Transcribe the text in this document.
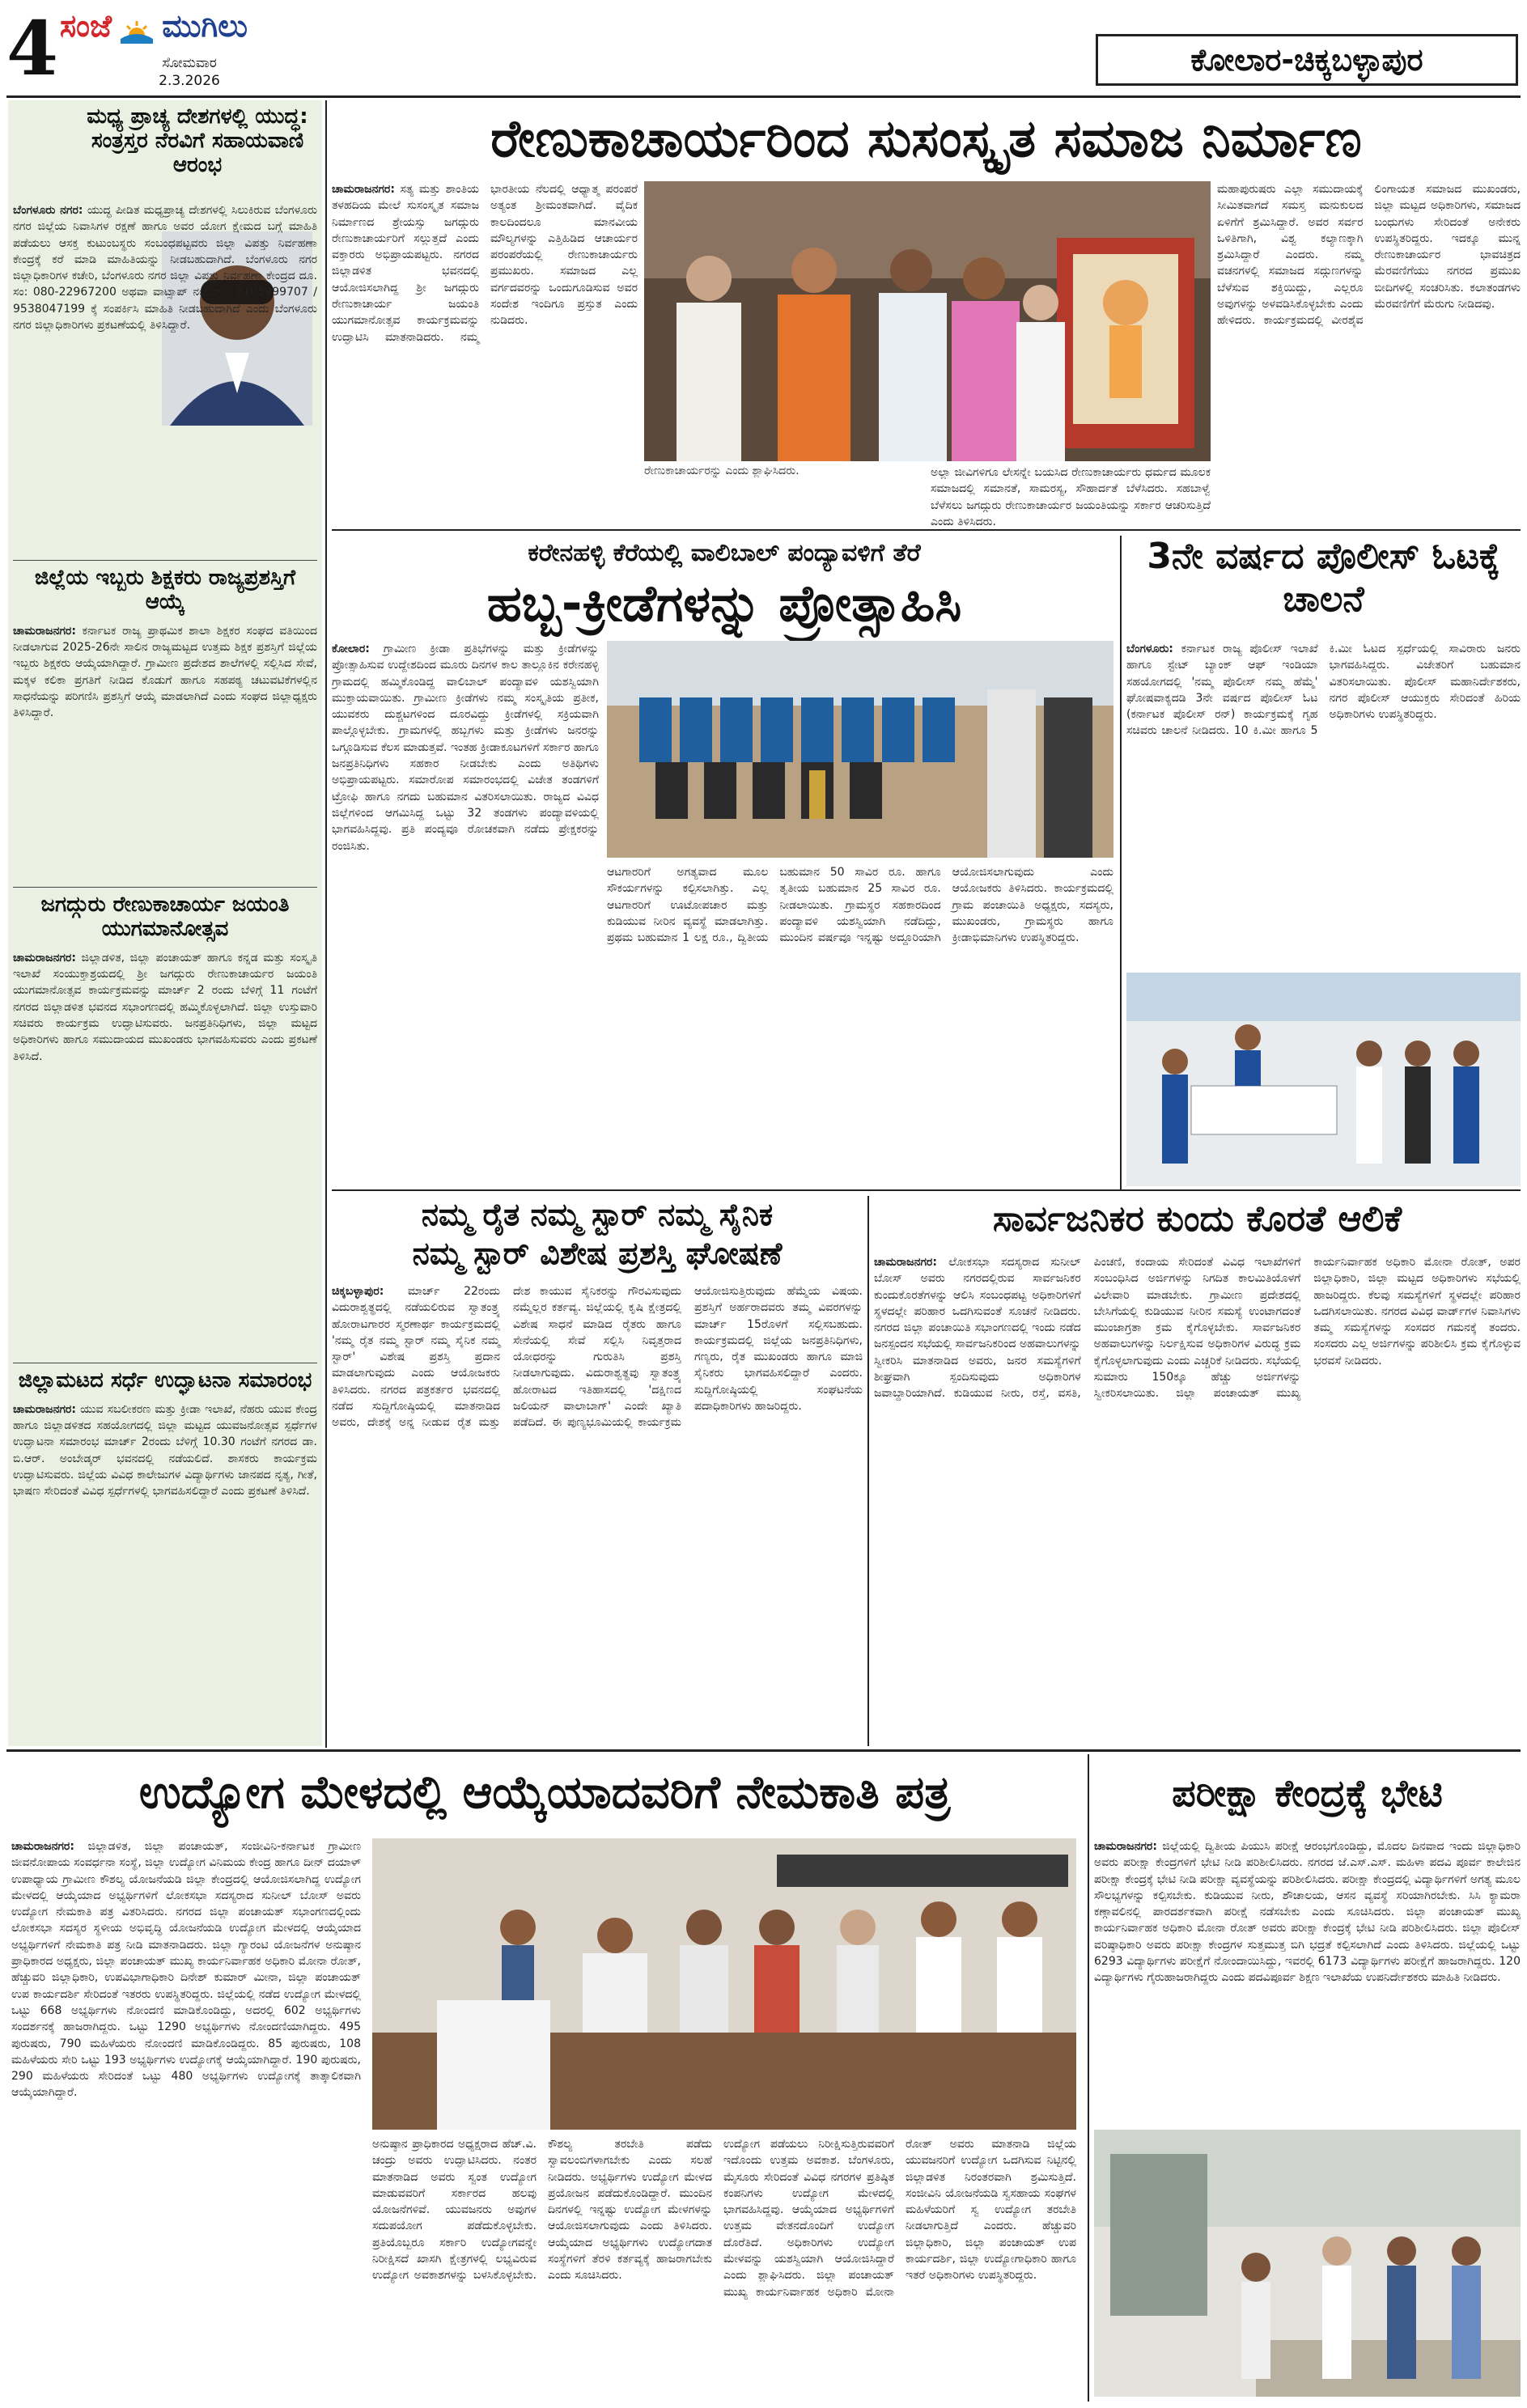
4 ಸಂಜೆ ಮುಗಿಲು
ಸೋಮವಾರ
2.3.2026
ಕೋಲಾರ-ಚಿಕ್ಕಬಳ್ಳಾಪುರ
ಮಧ್ಯ ಪ್ರಾಚ್ಯ ದೇಶಗಳಲ್ಲಿ ಯುದ್ಧ: ಸಂತ್ರಸ್ತರ ನೆರವಿಗೆ ಸಹಾಯವಾಣಿ ಆರಂಭ

ಬೆಂಗಳೂರು ನಗರ: ಯುದ್ಧ ಪೀಡಿತ ಮಧ್ಯಪ್ರಾಚ್ಯ ದೇಶಗಳಲ್ಲಿ ಸಿಲುಕಿರುವ ಬೆಂಗಳೂರು ನಗರ ಜಿಲ್ಲೆಯ ನಿವಾಸಿಗಳ ರಕ್ಷಣೆ ಹಾಗೂ ಅವರ ಯೋಗ ಕ್ಷೇಮದ ಬಗ್ಗೆ ಮಾಹಿತಿ ಪಡೆಯಲು ಆಸಕ್ತ ಕುಟುಂಬಸ್ಥರು ಸಂಬಂಧಪಟ್ಟವರು ಜಿಲ್ಲಾ ವಿಪತ್ತು ನಿರ್ವಹಣಾ ಕೇಂದ್ರಕ್ಕೆ ಕರೆ ಮಾಡಿ ಮಾಹಿತಿಯನ್ನು ನೀಡಬಹುದಾಗಿದೆ. ಬೆಂಗಳೂರು ನಗರ ಜಿಲ್ಲಾಧಿಕಾರಿಗಳ ಕಚೇರಿ, ಬೆಂಗಳೂರು ನಗರ ಜಿಲ್ಲಾ ವಿಪತ್ತು ನಿರ್ವಹಣಾ ಕೇಂದ್ರದ ದೂ. ಸಂ: 080-22967200 ಅಥವಾ ವಾಟ್ಸಾಪ್ ನಂಬರ್ - 8105999707 / 9538047199 ಕ್ಕೆ ಸಂಪರ್ಕಿಸಿ ಮಾಹಿತಿ ನೀಡಬಹುದಾಗಿದೆ ಎಂದು ಬೆಂಗಳೂರು ನಗರ ಜಿಲ್ಲಾಧಿಕಾರಿಗಳು ಪ್ರಕಟಣೆಯಲ್ಲಿ ತಿಳಿಸಿದ್ದಾರೆ.

ಜಿಲ್ಲೆಯ ಇಬ್ಬರು ಶಿಕ್ಷಕರು ರಾಜ್ಯಪ್ರಶಸ್ತಿಗೆ ಆಯ್ಕೆ

ಚಾಮರಾಜನಗರ: ಕರ್ನಾಟಕ ರಾಜ್ಯ ಪ್ರಾಥಮಿಕ ಶಾಲಾ ಶಿಕ್ಷಕರ ಸಂಘದ ವತಿಯಿಂದ ನೀಡಲಾಗುವ 2025-26ನೇ ಸಾಲಿನ ರಾಜ್ಯಮಟ್ಟದ ಉತ್ತಮ ಶಿಕ್ಷಕ ಪ್ರಶಸ್ತಿಗೆ ಜಿಲ್ಲೆಯ ಇಬ್ಬರು ಶಿಕ್ಷಕರು ಆಯ್ಕೆಯಾಗಿದ್ದಾರೆ. ಗ್ರಾಮೀಣ ಪ್ರದೇಶದ ಶಾಲೆಗಳಲ್ಲಿ ಸಲ್ಲಿಸಿದ ಸೇವೆ, ಮಕ್ಕಳ ಕಲಿಕಾ ಪ್ರಗತಿಗೆ ನೀಡಿದ ಕೊಡುಗೆ ಹಾಗೂ ಸಹಪಠ್ಯ ಚಟುವಟಿಕೆಗಳಲ್ಲಿನ ಸಾಧನೆಯನ್ನು ಪರಿಗಣಿಸಿ ಪ್ರಶಸ್ತಿಗೆ ಆಯ್ಕೆ ಮಾಡಲಾಗಿದೆ ಎಂದು ಸಂಘದ ಜಿಲ್ಲಾಧ್ಯಕ್ಷರು ತಿಳಿಸಿದ್ದಾರೆ.

ಜಗದ್ಗುರು ರೇಣುಕಾಚಾರ್ಯ ಜಯಂತಿ ಯುಗಮಾನೋತ್ಸವ

ಚಾಮರಾಜನಗರ: ಜಿಲ್ಲಾಡಳಿತ, ಜಿಲ್ಲಾ ಪಂಚಾಯತ್ ಹಾಗೂ ಕನ್ನಡ ಮತ್ತು ಸಂಸ್ಕೃತಿ ಇಲಾಖೆ ಸಂಯುಕ್ತಾಶ್ರಯದಲ್ಲಿ ಶ್ರೀ ಜಗದ್ಗುರು ರೇಣುಕಾಚಾರ್ಯರ ಜಯಂತಿ ಯುಗಮಾನೋತ್ಸವ ಕಾರ್ಯಕ್ರಮವನ್ನು ಮಾರ್ಚ್ 2 ರಂದು ಬೆಳಿಗ್ಗೆ 11 ಗಂಟೆಗೆ ನಗರದ ಜಿಲ್ಲಾಡಳಿತ ಭವನದ ಸಭಾಂಗಣದಲ್ಲಿ ಹಮ್ಮಿಕೊಳ್ಳಲಾಗಿದೆ. ಜಿಲ್ಲಾ ಉಸ್ತುವಾರಿ ಸಚಿವರು ಕಾರ್ಯಕ್ರಮ ಉದ್ಘಾಟಿಸುವರು. ಜನಪ್ರತಿನಿಧಿಗಳು, ಜಿಲ್ಲಾ ಮಟ್ಟದ ಅಧಿಕಾರಿಗಳು ಹಾಗೂ ಸಮುದಾಯದ ಮುಖಂಡರು ಭಾಗವಹಿಸುವರು ಎಂದು ಪ್ರಕಟಣೆ ತಿಳಿಸಿದೆ.

ಜಿಲ್ಲಾಮಟದ ಸರ್ಧೆ ಉದ್ಘಾಟನಾ ಸಮಾರಂಭ

ಚಾಮರಾಜನಗರ: ಯುವ ಸಬಲೀಕರಣ ಮತ್ತು ಕ್ರೀಡಾ ಇಲಾಖೆ, ನೆಹರು ಯುವ ಕೇಂದ್ರ ಹಾಗೂ ಜಿಲ್ಲಾಡಳಿತದ ಸಹಯೋಗದಲ್ಲಿ ಜಿಲ್ಲಾ ಮಟ್ಟದ ಯುವಜನೋತ್ಸವ ಸ್ಪರ್ಧೆಗಳ ಉದ್ಘಾಟನಾ ಸಮಾರಂಭ ಮಾರ್ಚ್ 2ರಂದು ಬೆಳಿಗ್ಗೆ 10.30 ಗಂಟೆಗೆ ನಗರದ ಡಾ. ಬಿ.ಆರ್. ಅಂಬೇಡ್ಕರ್ ಭವನದಲ್ಲಿ ನಡೆಯಲಿದೆ. ಶಾಸಕರು ಕಾರ್ಯಕ್ರಮ ಉದ್ಘಾಟಿಸುವರು. ಜಿಲ್ಲೆಯ ವಿವಿಧ ಕಾಲೇಜುಗಳ ವಿದ್ಯಾರ್ಥಿಗಳು ಜಾನಪದ ನೃತ್ಯ, ಗೀತೆ, ಭಾಷಣ ಸೇರಿದಂತೆ ವಿವಿಧ ಸ್ಪರ್ಧೆಗಳಲ್ಲಿ ಭಾಗವಹಿಸಲಿದ್ದಾರೆ ಎಂದು ಪ್ರಕಟಣೆ ತಿಳಿಸಿದೆ.

ರೇಣುಕಾಚಾರ್ಯರಿಂದ ಸುಸಂಸ್ಕೃತ ಸಮಾಜ ನಿರ್ಮಾಣ

ಚಾಮರಾಜನಗರ: ಸತ್ಯ ಮತ್ತು ಶಾಂತಿಯ ತಳಹದಿಯ ಮೇಲೆ ಸುಸಂಸ್ಕೃತ ಸಮಾಜ ನಿರ್ಮಾಣದ ಶ್ರೇಯಸ್ಸು ಜಗದ್ಗುರು ರೇಣುಕಾಚಾರ್ಯರಿಗೆ ಸಲ್ಲುತ್ತದೆ ಎಂದು ವಕ್ತಾರರು ಅಭಿಪ್ರಾಯಪಟ್ಟರು. ನಗರದ ಜಿಲ್ಲಾಡಳಿತ ಭವನದಲ್ಲಿ ಆಯೋಜಿಸಲಾಗಿದ್ದ ಶ್ರೀ ಜಗದ್ಗುರು ರೇಣುಕಾಚಾರ್ಯ ಜಯಂತಿ ಯುಗಮಾನೋತ್ಸವ ಕಾರ್ಯಕ್ರಮವನ್ನು ಉದ್ಘಾಟಿಸಿ ಮಾತನಾಡಿದರು. ನಮ್ಮ ಭಾರತೀಯ ನೆಲದಲ್ಲಿ ಆಧ್ಯಾತ್ಮ ಪರಂಪರೆ ಅತ್ಯಂತ ಶ್ರೀಮಂತವಾಗಿದೆ. ವೈದಿಕ ಕಾಲದಿಂದಲೂ ಮಾನವೀಯ ಮೌಲ್ಯಗಳನ್ನು ಎತ್ತಿಹಿಡಿದ ಆಚಾರ್ಯರ ಪರಂಪರೆಯಲ್ಲಿ ರೇಣುಕಾಚಾರ್ಯರು ಪ್ರಮುಖರು. ಸಮಾಜದ ಎಲ್ಲ ವರ್ಗದವರನ್ನು ಒಂದುಗೂಡಿಸುವ ಅವರ ಸಂದೇಶ ಇಂದಿಗೂ ಪ್ರಸ್ತುತ ಎಂದು ನುಡಿದರು.

ರೇಣುಕಾಚಾರ್ಯರನ್ನು ಎಂದು ಶ್ಲಾಘಿಸಿದರು.	ಅಲ್ಲಾ ಜೀವಿಗಳಿಗೂ ಲೇಸನ್ನೇ ಬಯಸಿದ ರೇಣುಕಾಚಾರ್ಯರು ಧರ್ಮದ ಮೂಲಕ ಸಮಾಜದಲ್ಲಿ ಸಮಾನತೆ, ಸಾಮರಸ್ಯ, ಸೌಹಾರ್ದತೆ ಬೆಳೆಸಿದರು. ಸಹಬಾಳ್ವೆ ಬೆಳೆಸಲು ಜಗದ್ಗುರು ರೇಣುಕಾಚಾರ್ಯರ ಜಯಂತಿಯನ್ನು ಸರ್ಕಾರ ಆಚರಿಸುತ್ತಿದೆ ಎಂದು ತಿಳಿಸಿದರು.

ಮಹಾಪುರುಷರು ಎಲ್ಲಾ ಸಮುದಾಯಕ್ಕೆ ಸೀಮಿತವಾಗದೆ ಸಮಸ್ತ ಮನುಕುಲದ ಏಳಿಗೆಗೆ ಶ್ರಮಿಸಿದ್ದಾರೆ. ಅವರ ಸರ್ವರ ಒಳಿತಿಗಾಗಿ, ವಿಶ್ವ ಕಲ್ಯಾಣಕ್ಕಾಗಿ ಶ್ರಮಿಸಿದ್ದಾರೆ ಎಂದರು. ನಮ್ಮ ವಚನಗಳಲ್ಲಿ ಸಮಾಜದ ಸದ್ಗುಣಗಳನ್ನು ಬೆಳೆಸುವ ಶಕ್ತಿಯಿದ್ದು, ಎಲ್ಲರೂ ಅವುಗಳನ್ನು ಅಳವಡಿಸಿಕೊಳ್ಳಬೇಕು ಎಂದು ಹೇಳಿದರು. ಕಾರ್ಯಕ್ರಮದಲ್ಲಿ ವೀರಶೈವ ಲಿಂಗಾಯತ ಸಮಾಜದ ಮುಖಂಡರು, ಜಿಲ್ಲಾ ಮಟ್ಟದ ಅಧಿಕಾರಿಗಳು, ಸಮಾಜದ ಬಂಧುಗಳು ಸೇರಿದಂತೆ ಅನೇಕರು ಉಪಸ್ಥಿತರಿದ್ದರು. ಇದಕ್ಕೂ ಮುನ್ನ ರೇಣುಕಾಚಾರ್ಯರ ಭಾವಚಿತ್ರದ ಮೆರವಣಿಗೆಯು ನಗರದ ಪ್ರಮುಖ ಬೀದಿಗಳಲ್ಲಿ ಸಂಚರಿಸಿತು. ಕಲಾತಂಡಗಳು ಮೆರವಣಿಗೆಗೆ ಮೆರುಗು ನೀಡಿದವು.

ಕರೇನಹಳ್ಳಿ ಕೆರೆಯಲ್ಲಿ ವಾಲಿಬಾಲ್ ಪಂದ್ಯಾವಳಿಗೆ ತೆರೆ
ಹಬ್ಬ-ಕ್ರೀಡೆಗಳನ್ನು ಪ್ರೋತ್ಸಾಹಿಸಿ

ಕೋಲಾರ: ಗ್ರಾಮೀಣ ಕ್ರೀಡಾ ಪ್ರತಿಭೆಗಳನ್ನು ಮತ್ತು ಕ್ರೀಡೆಗಳನ್ನು ಪ್ರೋತ್ಸಾಹಿಸುವ ಉದ್ದೇಶದಿಂದ ಮೂರು ದಿನಗಳ ಕಾಲ ತಾಲ್ಲೂಕಿನ ಕರೇನಹಳ್ಳಿ ಗ್ರಾಮದಲ್ಲಿ ಹಮ್ಮಿಕೊಂಡಿದ್ದ ವಾಲಿಬಾಲ್ ಪಂದ್ಯಾವಳಿ ಯಶಸ್ವಿಯಾಗಿ ಮುಕ್ತಾಯವಾಯಿತು. ಗ್ರಾಮೀಣ ಕ್ರೀಡೆಗಳು ನಮ್ಮ ಸಂಸ್ಕೃತಿಯ ಪ್ರತೀಕ, ಯುವಕರು ದುಶ್ಚಟಗಳಿಂದ ದೂರವಿದ್ದು ಕ್ರೀಡೆಗಳಲ್ಲಿ ಸಕ್ರಿಯವಾಗಿ ಪಾಲ್ಗೊಳ್ಳಬೇಕು. ಗ್ರಾಮಗಳಲ್ಲಿ ಹಬ್ಬಗಳು ಮತ್ತು ಕ್ರೀಡೆಗಳು ಜನರನ್ನು ಒಗ್ಗೂಡಿಸುವ ಕೆಲಸ ಮಾಡುತ್ತವೆ. ಇಂತಹ ಕ್ರೀಡಾಕೂಟಗಳಿಗೆ ಸರ್ಕಾರ ಹಾಗೂ ಜನಪ್ರತಿನಿಧಿಗಳು ಸಹಕಾರ ನೀಡಬೇಕು ಎಂದು ಅತಿಥಿಗಳು ಅಭಿಪ್ರಾಯಪಟ್ಟರು. ಸಮಾರೋಪ ಸಮಾರಂಭದಲ್ಲಿ ವಿಜೇತ ತಂಡಗಳಿಗೆ ಟ್ರೋಫಿ ಹಾಗೂ ನಗದು ಬಹುಮಾನ ವಿತರಿಸಲಾಯಿತು. ರಾಜ್ಯದ ವಿವಿಧ ಜಿಲ್ಲೆಗಳಿಂದ ಆಗಮಿಸಿದ್ದ ಒಟ್ಟು 32 ತಂಡಗಳು ಪಂದ್ಯಾವಳಿಯಲ್ಲಿ ಭಾಗವಹಿಸಿದ್ದವು. ಪ್ರತಿ ಪಂದ್ಯವೂ ರೋಚಕವಾಗಿ ನಡೆದು ಪ್ರೇಕ್ಷಕರನ್ನು ರಂಜಿಸಿತು.

ಆಟಗಾರರಿಗೆ ಅಗತ್ಯವಾದ ಮೂಲ ಸೌಕರ್ಯಗಳನ್ನು ಕಲ್ಪಿಸಲಾಗಿತ್ತು. ಎಲ್ಲ ಆಟಗಾರರಿಗೆ ಊಟೋಪಚಾರ ಮತ್ತು ಕುಡಿಯುವ ನೀರಿನ ವ್ಯವಸ್ಥೆ ಮಾಡಲಾಗಿತ್ತು. ಪ್ರಥಮ ಬಹುಮಾನ 1 ಲಕ್ಷ ರೂ., ದ್ವಿತೀಯ ಬಹುಮಾನ 50 ಸಾವಿರ ರೂ. ಹಾಗೂ ತೃತೀಯ ಬಹುಮಾನ 25 ಸಾವಿರ ರೂ. ನೀಡಲಾಯಿತು. ಗ್ರಾಮಸ್ಥರ ಸಹಕಾರದಿಂದ ಪಂದ್ಯಾವಳಿ ಯಶಸ್ವಿಯಾಗಿ ನಡೆದಿದ್ದು, ಮುಂದಿನ ವರ್ಷವೂ ಇನ್ನಷ್ಟು ಅದ್ದೂರಿಯಾಗಿ ಆಯೋಜಿಸಲಾಗುವುದು ಎಂದು ಆಯೋಜಕರು ತಿಳಿಸಿದರು. ಕಾರ್ಯಕ್ರಮದಲ್ಲಿ ಗ್ರಾಮ ಪಂಚಾಯಿತಿ ಅಧ್ಯಕ್ಷರು, ಸದಸ್ಯರು, ಮುಖಂಡರು, ಗ್ರಾಮಸ್ಥರು ಹಾಗೂ ಕ್ರೀಡಾಭಿಮಾನಿಗಳು ಉಪಸ್ಥಿತರಿದ್ದರು.

3ನೇ ವರ್ಷದ ಪೊಲೀಸ್ ಓಟಕ್ಕೆ ಚಾಲನೆ

ಬೆಂಗಳೂರು: ಕರ್ನಾಟಕ ರಾಜ್ಯ ಪೊಲೀಸ್ ಇಲಾಖೆ ಹಾಗೂ ಸ್ಟೇಟ್ ಬ್ಯಾಂಕ್ ಆಫ್ ಇಂಡಿಯಾ ಸಹಯೋಗದಲ್ಲಿ 'ನಮ್ಮ ಪೊಲೀಸ್ ನಮ್ಮ ಹೆಮ್ಮೆ' ಘೋಷವಾಕ್ಯದಡಿ 3ನೇ ವರ್ಷದ ಪೊಲೀಸ್ ಓಟ (ಕರ್ನಾಟಕ ಪೊಲೀಸ್ ರನ್) ಕಾರ್ಯಕ್ರಮಕ್ಕೆ ಗೃಹ ಸಚಿವರು ಚಾಲನೆ ನೀಡಿದರು. 10 ಕಿ.ಮೀ ಹಾಗೂ 5 ಕಿ.ಮೀ ಓಟದ ಸ್ಪರ್ಧೆಯಲ್ಲಿ ಸಾವಿರಾರು ಜನರು ಭಾಗವಹಿಸಿದ್ದರು. ವಿಜೇತರಿಗೆ ಬಹುಮಾನ ವಿತರಿಸಲಾಯಿತು. ಪೊಲೀಸ್ ಮಹಾನಿರ್ದೇಶಕರು, ನಗರ ಪೊಲೀಸ್ ಆಯುಕ್ತರು ಸೇರಿದಂತೆ ಹಿರಿಯ ಅಧಿಕಾರಿಗಳು ಉಪಸ್ಥಿತರಿದ್ದರು.

ನಮ್ಮ ರೈತ ನಮ್ಮ ಸ್ಟಾರ್ ನಮ್ಮ ಸೈನಿಕ
ನಮ್ಮ ಸ್ಟಾರ್ ವಿಶೇಷ ಪ್ರಶಸ್ತಿ ಘೋಷಣೆ

ಚಿಕ್ಕಬಳ್ಳಾಪುರ: ಮಾರ್ಚ್ 22ರಂದು ವಿದುರಾಶ್ವತ್ಥದಲ್ಲಿ ನಡೆಯಲಿರುವ ಸ್ವಾತಂತ್ರ್ಯ ಹೋರಾಟಗಾರರ ಸ್ಮರಣಾರ್ಥ ಕಾರ್ಯಕ್ರಮದಲ್ಲಿ 'ನಮ್ಮ ರೈತ ನಮ್ಮ ಸ್ಟಾರ್ ನಮ್ಮ ಸೈನಿಕ ನಮ್ಮ ಸ್ಟಾರ್' ವಿಶೇಷ ಪ್ರಶಸ್ತಿ ಪ್ರದಾನ ಮಾಡಲಾಗುವುದು ಎಂದು ಆಯೋಜಕರು ತಿಳಿಸಿದರು. ನಗರದ ಪತ್ರಕರ್ತರ ಭವನದಲ್ಲಿ ನಡೆದ ಸುದ್ದಿಗೋಷ್ಠಿಯಲ್ಲಿ ಮಾತನಾಡಿದ ಅವರು, ದೇಶಕ್ಕೆ ಅನ್ನ ನೀಡುವ ರೈತ ಮತ್ತು ದೇಶ ಕಾಯುವ ಸೈನಿಕರನ್ನು ಗೌರವಿಸುವುದು ನಮ್ಮೆಲ್ಲರ ಕರ್ತವ್ಯ. ಜಿಲ್ಲೆಯಲ್ಲಿ ಕೃಷಿ ಕ್ಷೇತ್ರದಲ್ಲಿ ವಿಶೇಷ ಸಾಧನೆ ಮಾಡಿದ ರೈತರು ಹಾಗೂ ಸೇನೆಯಲ್ಲಿ ಸೇವೆ ಸಲ್ಲಿಸಿ ನಿವೃತ್ತರಾದ ಯೋಧರನ್ನು ಗುರುತಿಸಿ ಪ್ರಶಸ್ತಿ ನೀಡಲಾಗುವುದು. ವಿದುರಾಶ್ವತ್ಥವು ಸ್ವಾತಂತ್ರ್ಯ ಹೋರಾಟದ ಇತಿಹಾಸದಲ್ಲಿ 'ದಕ್ಷಿಣದ ಜಲಿಯನ್ ವಾಲಾಬಾಗ್' ಎಂದೇ ಖ್ಯಾತಿ ಪಡೆದಿದೆ. ಈ ಪುಣ್ಯಭೂಮಿಯಲ್ಲಿ ಕಾರ್ಯಕ್ರಮ ಆಯೋಜಿಸುತ್ತಿರುವುದು ಹೆಮ್ಮೆಯ ವಿಷಯ. ಪ್ರಶಸ್ತಿಗೆ ಅರ್ಹರಾದವರು ತಮ್ಮ ವಿವರಗಳನ್ನು ಮಾರ್ಚ್ 15ರೊಳಗೆ ಸಲ್ಲಿಸಬಹುದು. ಕಾರ್ಯಕ್ರಮದಲ್ಲಿ ಜಿಲ್ಲೆಯ ಜನಪ್ರತಿನಿಧಿಗಳು, ಗಣ್ಯರು, ರೈತ ಮುಖಂಡರು ಹಾಗೂ ಮಾಜಿ ಸೈನಿಕರು ಭಾಗವಹಿಸಲಿದ್ದಾರೆ ಎಂದರು. ಸುದ್ದಿಗೋಷ್ಠಿಯಲ್ಲಿ ಸಂಘಟನೆಯ ಪದಾಧಿಕಾರಿಗಳು ಹಾಜರಿದ್ದರು.

ಸಾರ್ವಜನಿಕರ ಕುಂದು ಕೊರತೆ ಆಲಿಕೆ

ಚಾಮರಾಜನಗರ: ಲೋಕಸಭಾ ಸದಸ್ಯರಾದ ಸುನೀಲ್ ಬೋಸ್ ಅವರು ನಗರದಲ್ಲಿರುವ ಸಾರ್ವಜನಿಕರ ಕುಂದುಕೊರತೆಗಳನ್ನು ಆಲಿಸಿ ಸಂಬಂಧಪಟ್ಟ ಅಧಿಕಾರಿಗಳಿಗೆ ಸ್ಥಳದಲ್ಲೇ ಪರಿಹಾರ ಒದಗಿಸುವಂತೆ ಸೂಚನೆ ನೀಡಿದರು. ನಗರದ ಜಿಲ್ಲಾ ಪಂಚಾಯಿತಿ ಸಭಾಂಗಣದಲ್ಲಿ ಇಂದು ನಡೆದ ಜನಸ್ಪಂದನ ಸಭೆಯಲ್ಲಿ ಸಾರ್ವಜನಿಕರಿಂದ ಅಹವಾಲುಗಳನ್ನು ಸ್ವೀಕರಿಸಿ ಮಾತನಾಡಿದ ಅವರು, ಜನರ ಸಮಸ್ಯೆಗಳಿಗೆ ಶೀಘ್ರವಾಗಿ ಸ್ಪಂದಿಸುವುದು ಅಧಿಕಾರಿಗಳ ಜವಾಬ್ದಾರಿಯಾಗಿದೆ. ಕುಡಿಯುವ ನೀರು, ರಸ್ತೆ, ವಸತಿ, ಪಿಂಚಣಿ, ಕಂದಾಯ ಸೇರಿದಂತೆ ವಿವಿಧ ಇಲಾಖೆಗಳಿಗೆ ಸಂಬಂಧಿಸಿದ ಅರ್ಜಿಗಳನ್ನು ನಿಗದಿತ ಕಾಲಮಿತಿಯೊಳಗೆ ವಿಲೇವಾರಿ ಮಾಡಬೇಕು. ಗ್ರಾಮೀಣ ಪ್ರದೇಶದಲ್ಲಿ ಬೇಸಿಗೆಯಲ್ಲಿ ಕುಡಿಯುವ ನೀರಿನ ಸಮಸ್ಯೆ ಉಂಟಾಗದಂತೆ ಮುಂಜಾಗ್ರತಾ ಕ್ರಮ ಕೈಗೊಳ್ಳಬೇಕು. ಸಾರ್ವಜನಿಕರ ಅಹವಾಲುಗಳನ್ನು ನಿರ್ಲಕ್ಷಿಸುವ ಅಧಿಕಾರಿಗಳ ವಿರುದ್ಧ ಕ್ರಮ ಕೈಗೊಳ್ಳಲಾಗುವುದು ಎಂದು ಎಚ್ಚರಿಕೆ ನೀಡಿದರು. ಸಭೆಯಲ್ಲಿ ಸುಮಾರು 150ಕ್ಕೂ ಹೆಚ್ಚು ಅರ್ಜಿಗಳನ್ನು ಸ್ವೀಕರಿಸಲಾಯಿತು. ಜಿಲ್ಲಾ ಪಂಚಾಯತ್ ಮುಖ್ಯ ಕಾರ್ಯನಿರ್ವಾಹಕ ಅಧಿಕಾರಿ ಮೋನಾ ರೋತ್, ಅಪರ ಜಿಲ್ಲಾಧಿಕಾರಿ, ಜಿಲ್ಲಾ ಮಟ್ಟದ ಅಧಿಕಾರಿಗಳು ಸಭೆಯಲ್ಲಿ ಹಾಜರಿದ್ದರು. ಕೆಲವು ಸಮಸ್ಯೆಗಳಿಗೆ ಸ್ಥಳದಲ್ಲೇ ಪರಿಹಾರ ಒದಗಿಸಲಾಯಿತು. ನಗರದ ವಿವಿಧ ವಾರ್ಡ್‌ಗಳ ನಿವಾಸಿಗಳು ತಮ್ಮ ಸಮಸ್ಯೆಗಳನ್ನು ಸಂಸದರ ಗಮನಕ್ಕೆ ತಂದರು. ಸಂಸದರು ಎಲ್ಲ ಅರ್ಜಿಗಳನ್ನು ಪರಿಶೀಲಿಸಿ ಕ್ರಮ ಕೈಗೊಳ್ಳುವ ಭರವಸೆ ನೀಡಿದರು.

ಉದ್ಯೋಗ ಮೇಳದಲ್ಲಿ ಆಯ್ಕೆಯಾದವರಿಗೆ ನೇಮಕಾತಿ ಪತ್ರ

ಚಾಮರಾಜನಗರ: ಜಿಲ್ಲಾಡಳಿತ, ಜಿಲ್ಲಾ ಪಂಚಾಯತ್, ಸಂಜೀವಿನಿ-ಕರ್ನಾಟಕ ಗ್ರಾಮೀಣ ಜೀವನೋಪಾಯ ಸಂವರ್ಧನಾ ಸಂಸ್ಥೆ, ಜಿಲ್ಲಾ ಉದ್ಯೋಗ ವಿನಿಮಯ ಕೇಂದ್ರ ಹಾಗೂ ದೀನ್ ದಯಾಳ್ ಉಪಾಧ್ಯಾಯ ಗ್ರಾಮೀಣ ಕೌಶಲ್ಯ ಯೋಜನೆಯಡಿ ಜಿಲ್ಲಾ ಕೇಂದ್ರದಲ್ಲಿ ಆಯೋಜಿಸಲಾಗಿದ್ದ ಉದ್ಯೋಗ ಮೇಳದಲ್ಲಿ ಆಯ್ಕೆಯಾದ ಅಭ್ಯರ್ಥಿಗಳಿಗೆ ಲೋಕಸಭಾ ಸದಸ್ಯರಾದ ಸುನೀಲ್ ಬೋಸ್ ಅವರು ಉದ್ಯೋಗ ನೇಮಕಾತಿ ಪತ್ರ ವಿತರಿಸಿದರು. ನಗರದ ಜಿಲ್ಲಾ ಪಂಚಾಯತ್ ಸಭಾಂಗಣದಲ್ಲಿಂದು ಲೋಕಸಭಾ ಸದಸ್ಯರ ಸ್ಥಳೀಯ ಅಭಿವೃದ್ಧಿ ಯೋಜನೆಯಡಿ ಉದ್ಯೋಗ ಮೇಳದಲ್ಲಿ ಆಯ್ಕೆಯಾದ ಅಭ್ಯರ್ಥಿಗಳಿಗೆ ನೇಮಕಾತಿ ಪತ್ರ ನೀಡಿ ಮಾತನಾಡಿದರು. ಜಿಲ್ಲಾ ಗ್ಯಾರಂಟಿ ಯೋಜನೆಗಳ ಅನುಷ್ಠಾನ ಪ್ರಾಧಿಕಾರದ ಅಧ್ಯಕ್ಷರು, ಜಿಲ್ಲಾ ಪಂಚಾಯತ್ ಮುಖ್ಯ ಕಾರ್ಯನಿರ್ವಾಹಕ ಅಧಿಕಾರಿ ಮೋನಾ ರೋತ್, ಹೆಚ್ಚುವರಿ ಜಿಲ್ಲಾಧಿಕಾರಿ, ಉಪವಿಭಾಗಾಧಿಕಾರಿ ದಿನೇಶ್ ಕುಮಾರ್ ಮೀನಾ, ಜಿಲ್ಲಾ ಪಂಚಾಯತ್ ಉಪ ಕಾರ್ಯದರ್ಶಿ ಸೇರಿದಂತೆ ಇತರರು ಉಪಸ್ಥಿತರಿದ್ದರು. ಜಿಲ್ಲೆಯಲ್ಲಿ ನಡೆದ ಉದ್ಯೋಗ ಮೇಳದಲ್ಲಿ ಒಟ್ಟು 668 ಅಭ್ಯರ್ಥಿಗಳು ನೋಂದಣಿ ಮಾಡಿಕೊಂಡಿದ್ದು, ಅದರಲ್ಲಿ 602 ಅಭ್ಯರ್ಥಿಗಳು ಸಂದರ್ಶನಕ್ಕೆ ಹಾಜರಾಗಿದ್ದರು. ಒಟ್ಟು 1290 ಅಭ್ಯರ್ಥಿಗಳು ನೋಂದಣಿಯಾಗಿದ್ದರು. 495 ಪುರುಷರು, 790 ಮಹಿಳೆಯರು ನೋಂದಣಿ ಮಾಡಿಕೊಂಡಿದ್ದರು. 85 ಪುರುಷರು, 108 ಮಹಿಳೆಯರು ಸೇರಿ ಒಟ್ಟು 193 ಅಭ್ಯರ್ಥಿಗಳು ಉದ್ಯೋಗಕ್ಕೆ ಆಯ್ಕೆಯಾಗಿದ್ದಾರೆ. 190 ಪುರುಷರು, 290 ಮಹಿಳೆಯರು ಸೇರಿದಂತೆ ಒಟ್ಟು 480 ಅಭ್ಯರ್ಥಿಗಳು ಉದ್ಯೋಗಕ್ಕೆ ತಾತ್ಕಾಲಿಕವಾಗಿ ಆಯ್ಕೆಯಾಗಿದ್ದಾರೆ.

ಅನುಷ್ಠಾನ ಪ್ರಾಧಿಕಾರದ ಅಧ್ಯಕ್ಷರಾದ ಹೆಚ್.ವಿ. ಚಂದ್ರು ಅವರು ಉದ್ಘಾಟಿಸಿದರು. ನಂತರ ಮಾತನಾಡಿದ ಅವರು ಸ್ವಂತ ಉದ್ಯೋಗ ಮಾಡುವವರಿಗೆ ಸರ್ಕಾರದ ಹಲವು ಯೋಜನೆಗಳಿವೆ. ಯುವಜನರು ಅವುಗಳ ಸದುಪಯೋಗ ಪಡೆದುಕೊಳ್ಳಬೇಕು. ಪ್ರತಿಯೊಬ್ಬರೂ ಸರ್ಕಾರಿ ಉದ್ಯೋಗವನ್ನೇ ನಿರೀಕ್ಷಿಸದೆ ಖಾಸಗಿ ಕ್ಷೇತ್ರಗಳಲ್ಲಿ ಲಭ್ಯವಿರುವ ಉದ್ಯೋಗ ಅವಕಾಶಗಳನ್ನು ಬಳಸಿಕೊಳ್ಳಬೇಕು. ಕೌಶಲ್ಯ ತರಬೇತಿ ಪಡೆದು ಸ್ವಾವಲಂಬಿಗಳಾಗಬೇಕು ಎಂದು ಸಲಹೆ ನೀಡಿದರು. ಅಭ್ಯರ್ಥಿಗಳು ಉದ್ಯೋಗ ಮೇಳದ ಪ್ರಯೋಜನ ಪಡೆದುಕೊಂಡಿದ್ದಾರೆ. ಮುಂದಿನ ದಿನಗಳಲ್ಲಿ ಇನ್ನಷ್ಟು ಉದ್ಯೋಗ ಮೇಳಗಳನ್ನು ಆಯೋಜಿಸಲಾಗುವುದು ಎಂದು ತಿಳಿಸಿದರು. ಆಯ್ಕೆಯಾದ ಅಭ್ಯರ್ಥಿಗಳು ಉದ್ಯೋಗದಾತ ಸಂಸ್ಥೆಗಳಿಗೆ ತೆರಳಿ ಕರ್ತವ್ಯಕ್ಕೆ ಹಾಜರಾಗಬೇಕು ಎಂದು ಸೂಚಿಸಿದರು.

ಉದ್ಯೋಗ ಪಡೆಯಲು ನಿರೀಕ್ಷಿಸುತ್ತಿರುವವರಿಗೆ ಇದೊಂದು ಉತ್ತಮ ಅವಕಾಶ. ಬೆಂಗಳೂರು, ಮೈಸೂರು ಸೇರಿದಂತೆ ವಿವಿಧ ನಗರಗಳ ಪ್ರತಿಷ್ಠಿತ ಕಂಪನಿಗಳು ಉದ್ಯೋಗ ಮೇಳದಲ್ಲಿ ಭಾಗವಹಿಸಿದ್ದವು. ಆಯ್ಕೆಯಾದ ಅಭ್ಯರ್ಥಿಗಳಿಗೆ ಉತ್ತಮ ವೇತನದೊಂದಿಗೆ ಉದ್ಯೋಗ ದೊರೆತಿದೆ. ಅಧಿಕಾರಿಗಳು ಉದ್ಯೋಗ ಮೇಳವನ್ನು ಯಶಸ್ವಿಯಾಗಿ ಆಯೋಜಿಸಿದ್ದಾರೆ ಎಂದು ಶ್ಲಾಘಿಸಿದರು. ಜಿಲ್ಲಾ ಪಂಚಾಯತ್ ಮುಖ್ಯ ಕಾರ್ಯನಿರ್ವಾಹಕ ಅಧಿಕಾರಿ ಮೋನಾ ರೋತ್ ಅವರು ಮಾತನಾಡಿ ಜಿಲ್ಲೆಯ ಯುವಜನರಿಗೆ ಉದ್ಯೋಗ ಒದಗಿಸುವ ನಿಟ್ಟಿನಲ್ಲಿ ಜಿಲ್ಲಾಡಳಿತ ನಿರಂತರವಾಗಿ ಶ್ರಮಿಸುತ್ತಿದೆ. ಸಂಜೀವಿನಿ ಯೋಜನೆಯಡಿ ಸ್ವಸಹಾಯ ಸಂಘಗಳ ಮಹಿಳೆಯರಿಗೆ ಸ್ವ ಉದ್ಯೋಗ ತರಬೇತಿ ನೀಡಲಾಗುತ್ತಿದೆ ಎಂದರು. ಹೆಚ್ಚುವರಿ ಜಿಲ್ಲಾಧಿಕಾರಿ, ಜಿಲ್ಲಾ ಪಂಚಾಯತ್ ಉಪ ಕಾರ್ಯದರ್ಶಿ, ಜಿಲ್ಲಾ ಉದ್ಯೋಗಾಧಿಕಾರಿ ಹಾಗೂ ಇತರೆ ಅಧಿಕಾರಿಗಳು ಉಪಸ್ಥಿತರಿದ್ದರು.

ಪರೀಕ್ಷಾ ಕೇಂದ್ರಕ್ಕೆ ಭೇಟಿ

ಚಾಮರಾಜನಗರ: ಜಿಲ್ಲೆಯಲ್ಲಿ ದ್ವಿತೀಯ ಪಿಯುಸಿ ಪರೀಕ್ಷೆ ಆರಂಭಗೊಂಡಿದ್ದು, ಮೊದಲ ದಿನವಾದ ಇಂದು ಜಿಲ್ಲಾಧಿಕಾರಿ ಅವರು ಪರೀಕ್ಷಾ ಕೇಂದ್ರಗಳಿಗೆ ಭೇಟಿ ನೀಡಿ ಪರಿಶೀಲಿಸಿದರು. ನಗರದ ಜೆ.ಎಸ್.ಎಸ್. ಮಹಿಳಾ ಪದವಿ ಪೂರ್ವ ಕಾಲೇಜಿನ ಪರೀಕ್ಷಾ ಕೇಂದ್ರಕ್ಕೆ ಭೇಟಿ ನೀಡಿ ಪರೀಕ್ಷಾ ವ್ಯವಸ್ಥೆಯನ್ನು ಪರಿಶೀಲಿಸಿದರು. ಪರೀಕ್ಷಾ ಕೇಂದ್ರದಲ್ಲಿ ವಿದ್ಯಾರ್ಥಿಗಳಿಗೆ ಅಗತ್ಯ ಮೂಲ ಸೌಲಭ್ಯಗಳನ್ನು ಕಲ್ಪಿಸಬೇಕು. ಕುಡಿಯುವ ನೀರು, ಶೌಚಾಲಯ, ಆಸನ ವ್ಯವಸ್ಥೆ ಸರಿಯಾಗಿರಬೇಕು. ಸಿಸಿ ಕ್ಯಾಮರಾ ಕಣ್ಗಾವಲಿನಲ್ಲಿ ಪಾರದರ್ಶಕವಾಗಿ ಪರೀಕ್ಷೆ ನಡೆಸಬೇಕು ಎಂದು ಸೂಚಿಸಿದರು. ಜಿಲ್ಲಾ ಪಂಚಾಯತ್ ಮುಖ್ಯ ಕಾರ್ಯನಿರ್ವಾಹಕ ಅಧಿಕಾರಿ ಮೋನಾ ರೋತ್ ಅವರು ಪರೀಕ್ಷಾ ಕೇಂದ್ರಕ್ಕೆ ಭೇಟಿ ನೀಡಿ ಪರಿಶೀಲಿಸಿದರು. ಜಿಲ್ಲಾ ಪೊಲೀಸ್ ವರಿಷ್ಠಾಧಿಕಾರಿ ಅವರು ಪರೀಕ್ಷಾ ಕೇಂದ್ರಗಳ ಸುತ್ತಮುತ್ತ ಬಿಗಿ ಭದ್ರತೆ ಕಲ್ಪಿಸಲಾಗಿದೆ ಎಂದು ತಿಳಿಸಿದರು. ಜಿಲ್ಲೆಯಲ್ಲಿ ಒಟ್ಟು 6293 ವಿದ್ಯಾರ್ಥಿಗಳು ಪರೀಕ್ಷೆಗೆ ನೋಂದಾಯಿಸಿದ್ದು, ಇವರಲ್ಲಿ 6173 ವಿದ್ಯಾರ್ಥಿಗಳು ಪರೀಕ್ಷೆಗೆ ಹಾಜರಾಗಿದ್ದರು. 120 ವಿದ್ಯಾರ್ಥಿಗಳು ಗೈರುಹಾಜರಾಗಿದ್ದರು ಎಂದು ಪದವಿಪೂರ್ವ ಶಿಕ್ಷಣ ಇಲಾಖೆಯ ಉಪನಿರ್ದೇಶಕರು ಮಾಹಿತಿ ನೀಡಿದರು.
